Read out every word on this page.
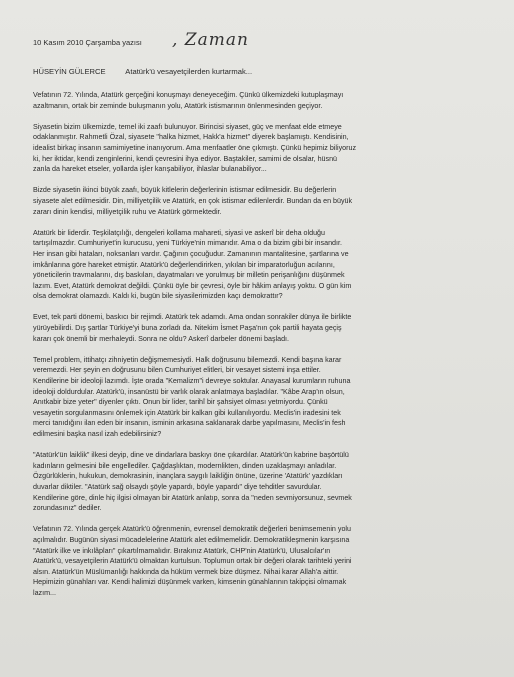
10 Kasım 2010 Çarşamba yazısı , Zaman
HÜSEYİN GÜLERCE	Atatürk'ü vesayetçilerden kurtarmak...
Vefatının 72. Yılında, Atatürk gerçeğini konuşmayı deneyeceğim. Çünkü ülkemizdeki kutuplaşmayı
azaltmanın, ortak bir zeminde buluşmanın yolu, Atatürk istismarının önlenmesinden geçiyor.
Siyasetin bizim ülkemizde, temel iki zaafı bulunuyor. Birincisi siyaset, güç ve menfaat elde etmeye
odaklanmıştır. Rahmetli Özal, siyasete "halka hizmet, Hakk'a hizmet" diyerek başlamıştı. Kendisinin,
idealist birkaç insanın samimiyetine inanıyorum. Ama menfaatler öne çıkmıştı. Çünkü hepimiz biliyoruz
ki, her iktidar, kendi zenginlerini, kendi çevresini ihya ediyor. Baştakiler, samimi de olsalar, hüsnü
zanla da hareket etseler, yollarda işler karışabiliyor, ihlaslar bulanabiliyor...
Bizde siyasetin ikinci büyük zaafı, büyük kitlelerin değerlerinin istismar edilmesidir. Bu değerlerin
siyasete alet edilmesidir. Din, milliyetçilik ve Atatürk, en çok istismar edilenlerdir. Bundan da en büyük
zararı dinin kendisi, milliyetçilik ruhu ve Atatürk görmektedir.
Atatürk bir liderdir. Teşkilatçılığı, dengeleri kollama mahareti, siyasi ve askerî bir deha olduğu
tartışılmazdır. Cumhuriyet'in kurucusu, yeni Türkiye'nin mimarıdır. Ama o da bizim gibi bir insandır.
Her insan gibi hataları, noksanları vardır. Çağının çocuğudur. Zamanının mantalitesine, şartlarına ve
imkânlarına göre hareket etmiştir. Atatürk'ü değerlendirirken, yıkılan bir imparatorluğun acılarını,
yöneticilerin travmalarını, dış baskıları, dayatmaları ve yorulmuş bir milletin perişanlığını düşünmek
lazım. Evet, Atatürk demokrat değildi. Çünkü öyle bir çevresi, öyle bir hâkim anlayış yoktu. O gün kim
olsa demokrat olamazdı. Kaldı ki, bugün bile siyasilerimizden kaçı demokrattır?
Evet, tek parti dönemi, baskıcı bir rejimdi. Atatürk tek adamdı. Ama ondan sonrakiler dünya ile birlikte
yürüyebilirdi. Dış şartlar Türkiye'yi buna zorladı da. Nitekim İsmet Paşa'nın çok partili hayata geçiş
kararı çok önemli bir merhaleydi. Sonra ne oldu? Askerî darbeler dönemi başladı.
Temel problem, ittihatçı zihniyetin değişmemesiydi. Halk doğrusunu bilemezdi. Kendi başına karar
veremezdi. Her şeyin en doğrusunu bilen Cumhuriyet elitleri, bir vesayet sistemi inşa ettiler.
Kendilerine bir ideoloji lazımdı. İşte orada "Kemalizm"i devreye soktular. Anayasal kurumların ruhuna
ideoloji doldurdular. Atatürk'ü, insanüstü bir varlık olarak anlatmaya başladılar. "Kâbe Arap'ın olsun,
Anıtkabir bize yeter" diyenler çıktı. Onun bir lider, tarihî bir şahsiyet olması yetmiyordu. Çünkü
vesayetin sorgulanmasını önlemek için Atatürk bir kalkan gibi kullanılıyordu. Meclis'in iradesini tek
merci tanıdığını ilan eden bir insanın, isminin arkasına saklanarak darbe yapılmasını, Meclis'in fesh
edilmesini başka nasıl izah edebilirsiniz?
"Atatürk'ün laiklik" ilkesi deyip, dine ve dindarlara baskıyı öne çıkardılar. Atatürk'ün kabrine başörtülü
kadınların gelmesini bile engellediler. Çağdaşlıktan, modernlikten, dinden uzaklaşmayı anladılar.
Özgürlüklerin, hukukun, demokrasinin, inançlara saygılı laikliğin önüne, üzerine 'Atatürk' yazdıkları
duvarlar diktiler. "Atatürk sağ olsaydı şöyle yapardı, böyle yapardı" diye tehditler savurdular.
Kendilerine göre, dinle hiç ilgisi olmayan bir Atatürk anlatıp, sonra da "neden sevmiyorsunuz, sevmek
zorundasınız" dediler.
Vefatının 72. Yılında gerçek Atatürk'ü öğrenmenin, evrensel demokratik değerleri benimsemenin yolu
açılmalıdır. Bugünün siyasi mücadelelerine Atatürk alet edilmemelidir. Demokratikleşmenin karşısına
"Atatürk ilke ve inkılâpları" çıkartılmamalıdır. Bırakınız Atatürk, CHP'nin Atatürk'ü, Ulusalcılar'ın
Atatürk'ü, vesayetçilerin Atatürk'ü olmaktan kurtulsun. Toplumun ortak bir değeri olarak tarihteki yerini
alsın. Atatürk'ün Müslümanlığı hakkında da hüküm vermek bize düşmez. Nihai karar Allah'a aittir.
Hepimizin günahları var. Kendi halimizi düşünmek varken, kimsenin günahlarının takipçisi olmamak
lazım...
